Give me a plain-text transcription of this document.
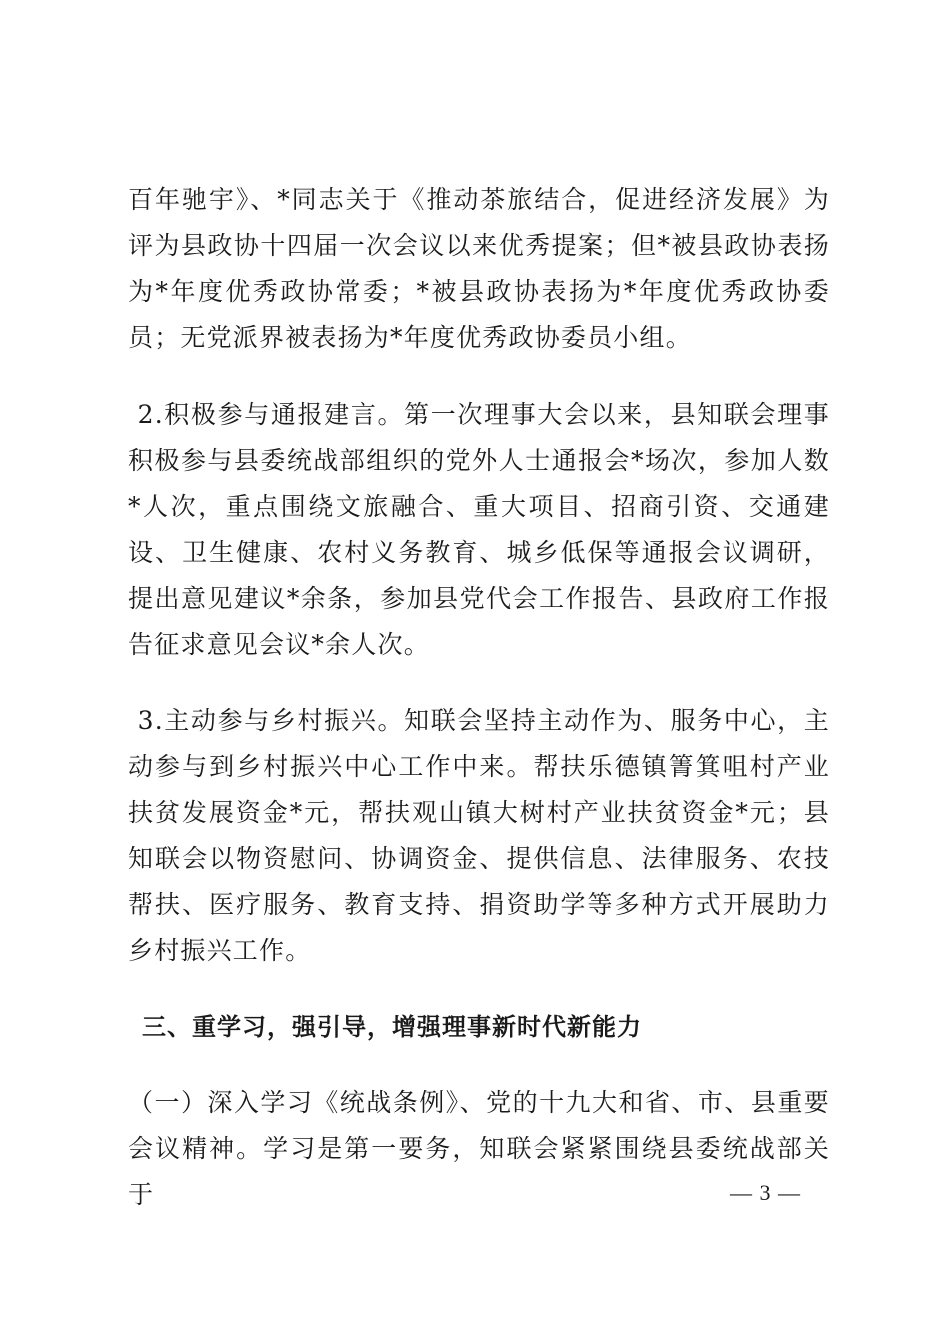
百年驰宇》、*同志关于《推动茶旅结合，促进经济发展》为评为县政协十四届一次会议以来优秀提案；但*被县政协表扬为*年度优秀政协常委；*被县政协表扬为*年度优秀政协委员；无党派界被表扬为*年度优秀政协委员小组。

2.积极参与通报建言。第一次理事大会以来，县知联会理事积极参与县委统战部组织的党外人士通报会*场次，参加人数*人次，重点围绕文旅融合、重大项目、招商引资、交通建设、卫生健康、农村义务教育、城乡低保等通报会议调研，提出意见建议*余条，参加县党代会工作报告、县政府工作报告征求意见会议*余人次。

3.主动参与乡村振兴。知联会坚持主动作为、服务中心，主动参与到乡村振兴中心工作中来。帮扶乐德镇箐箕咀村产业扶贫发展资金*元，帮扶观山镇大树村产业扶贫资金*元；县知联会以物资慰问、协调资金、提供信息、法律服务、农技帮扶、医疗服务、教育支持、捐资助学等多种方式开展助力乡村振兴工作。

三、重学习，强引导，增强理事新时代新能力

（一）深入学习《统战条例》、党的十九大和省、市、县重要会议精神。学习是第一要务，知联会紧紧围绕县委统战部关于	— 3 —
